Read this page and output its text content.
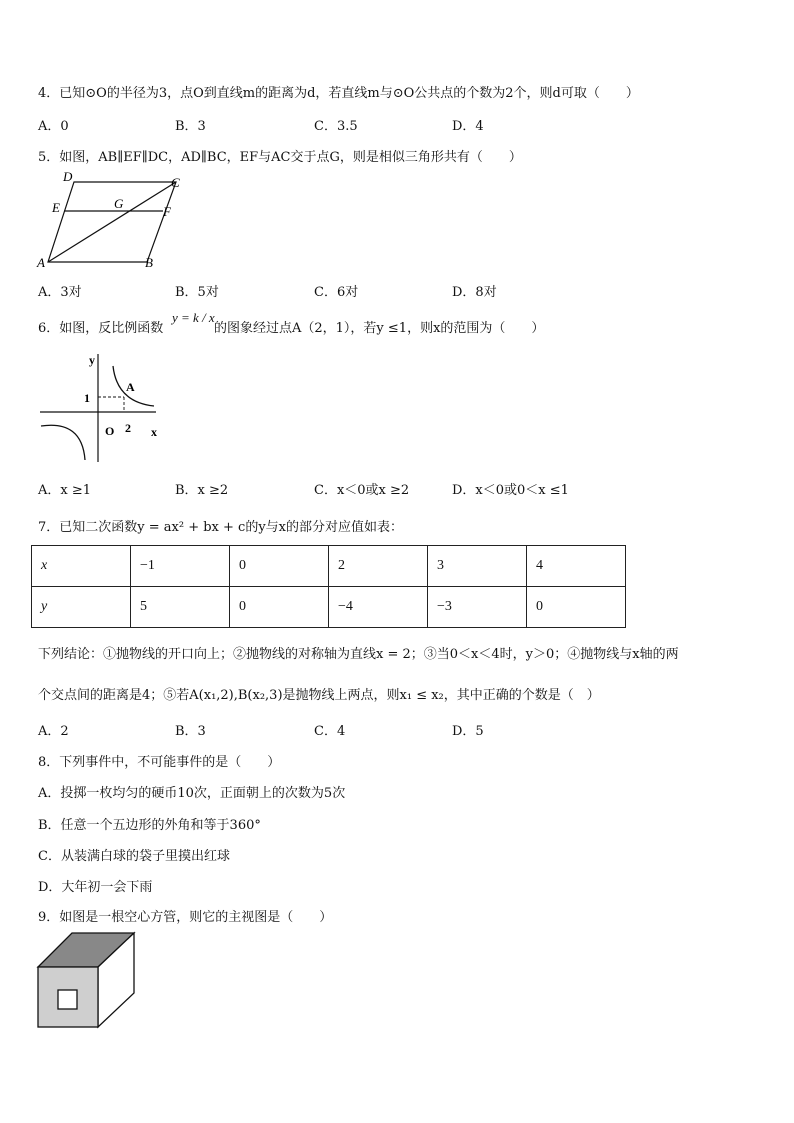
4．已知⊙O的半径为3，点O到直线m的距离为d，若直线m与⊙O公共点的个数为2个，则d可取（　　）
A．0	B．3	C．3.5	D．4
5．如图，AB∥EF∥DC，AD∥BC，EF与AC交于点G，则是相似三角形共有（　　）
D	C
E	G
F
A	B
A．3对	B．5对	C．6对	D．8对
6．如图，反比例函数
y = k / x
的图象经过点A（2，1），若y ≤1，则x的范围为（　　）
y
A
1
O 2 x
A．x ≥1	B．x ≥2	C．x＜0或x ≥2	D．x＜0或0＜x ≤1
7．已知二次函数y = ax² + bx + c的y与x的部分对应值如表：
x	−1	0	2	3	4
y	5	0	−4	−3	0
下列结论：①抛物线的开口向上；②抛物线的对称轴为直线x = 2；③当0＜x＜4时，y＞0；④抛物线与x轴的两
个交点间的距离是4；⑤若A(x₁,2),B(x₂,3)是抛物线上两点，则x₁ ≤ x₂，其中正确的个数是（　）
A．2	B．3	C．4	D．5
8．下列事件中，不可能事件的是（　　）
A．投掷一枚均匀的硬币10次，正面朝上的次数为5次
B．任意一个五边形的外角和等于360°
C．从装满白球的袋子里摸出红球
D．大年初一会下雨
9．如图是一根空心方管，则它的主视图是（　　）
